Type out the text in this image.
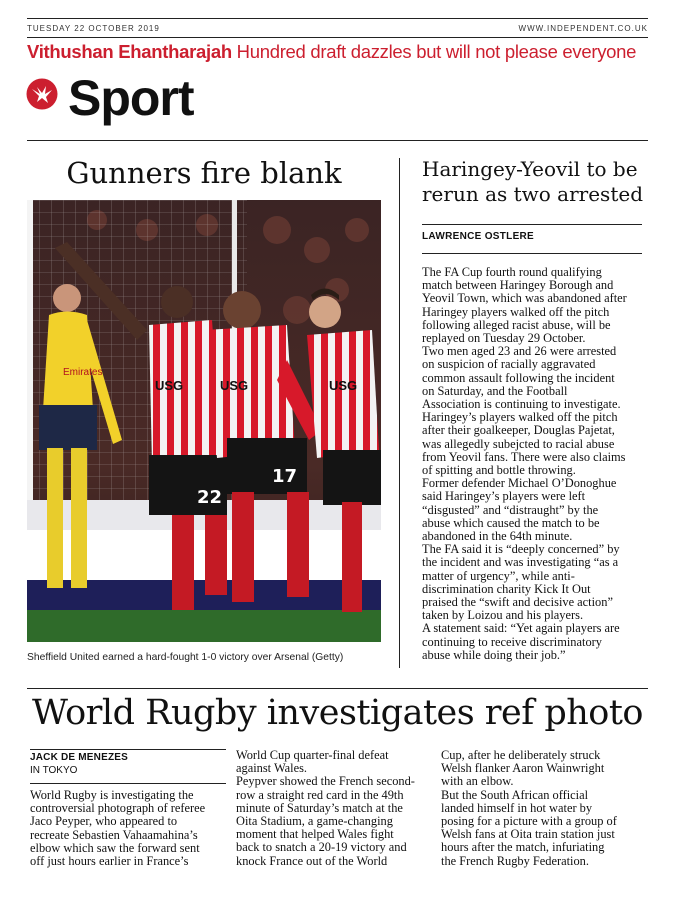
TUESDAY 22 OCTOBER 2019	WWW.INDEPENDENT.CO.UK
Vithushan Ehantharajah Hundred draft dazzles but will not please everyone
Sport
Gunners fire blank
Emirates
22
USG
17
USG	USG
Sheffield United earned a hard-fought 1-0 victory over Arsenal (Getty)
Haringey-Yeovil to be
rerun as two arrested
LAWRENCE OSTLERE

The FA Cup fourth round qualifying

match between Haringey Borough and

Yeovil Town, which was abandoned after

Haringey players walked off the pitch

following alleged racist abuse, will be

replayed on Tuesday 29 October.

Two men aged 23 and 26 were arrested

on suspicion of racially aggravated

common assault following the incident

on Saturday, and the Football

Association is continuing to investigate.

Haringey’s players walked off the pitch

after their goalkeeper, Douglas Pajetat,

was allegedly subejcted to racial abuse

from Yeovil fans. There were also claims

of spitting and bottle throwing.

Former defender Michael O’Donoghue

said Haringey’s players were left

“disgusted” and “distraught” by the

abuse which caused the match to be

abandoned in the 64th minute.

The FA said it is “deeply concerned” by

the incident and was investigating “as a

matter of urgency”, while anti-

discrimination charity Kick It Out

praised the “swift and decisive action”

taken by Loizou and his players.

A statement said: “Yet again players are

continuing to receive discriminatory

abuse while doing their job.”

World Rugby investigates ref photo
JACK DE MENEZES
IN TOKYO

World Rugby is investigating the

controversial photograph of referee

Jaco Peyper, who appeared to

recreate Sebastien Vahaamahina’s

elbow which saw the forward sent

off just hours earlier in France’s

World Cup quarter-final defeat

against Wales.

Peypver showed the French second-

row a straight red card in the 49th

minute of Saturday’s match at the

Oita Stadium, a game-changing

moment that helped Wales fight

back to snatch a 20-19 victory and

knock France out of the World

Cup, after he deliberately struck

Welsh flanker Aaron Wainwright

with an elbow.

But the South African official

landed himself in hot water by

posing for a picture with a group of

Welsh fans at Oita train station just

hours after the match, infuriating

the French Rugby Federation.
